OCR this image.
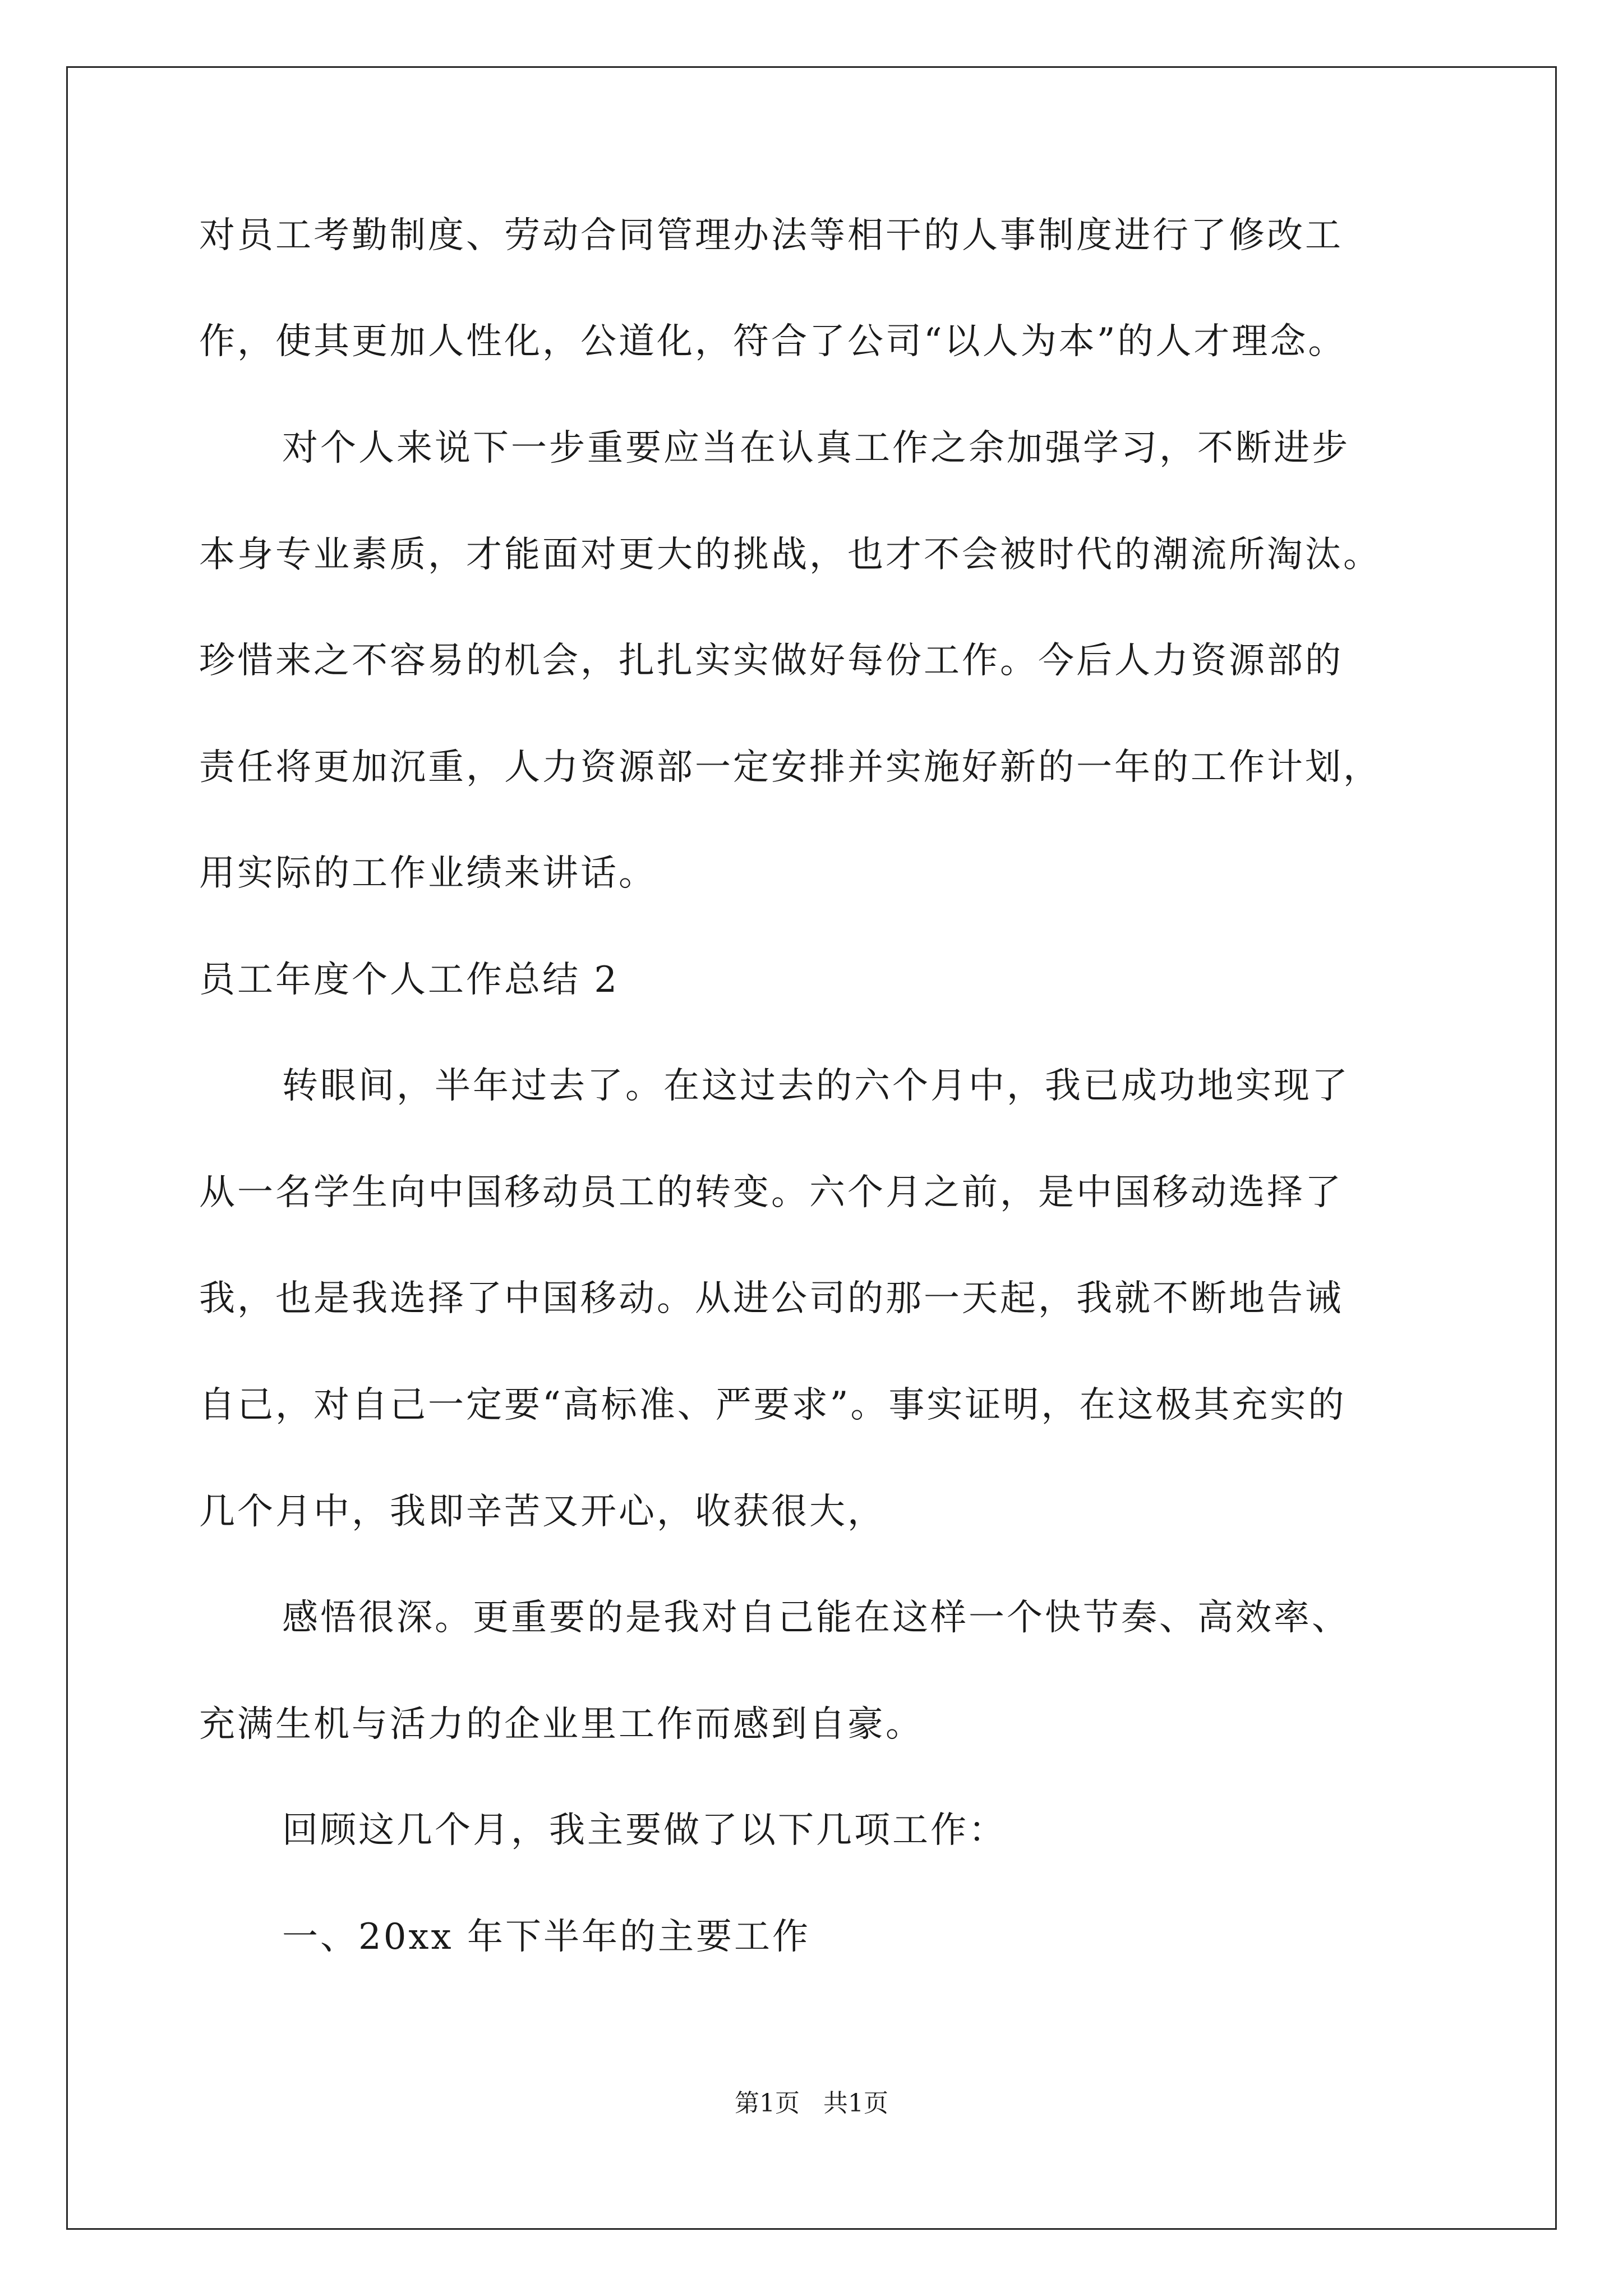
对员工考勤制度、劳动合同管理办法等相干的人事制度进行了修改工
作，使其更加人性化，公道化，符合了公司“以人为本”的人才理念。
对个人来说下一步重要应当在认真工作之余加强学习，不断进步
本身专业素质，才能面对更大的挑战，也才不会被时代的潮流所淘汰。
珍惜来之不容易的机会，扎扎实实做好每份工作。今后人力资源部的
责任将更加沉重，人力资源部一定安排并实施好新的一年的工作计划，
用实际的工作业绩来讲话。
员工年度个人工作总结 2
转眼间，半年过去了。在这过去的六个月中，我已成功地实现了
从一名学生向中国移动员工的转变。六个月之前，是中国移动选择了
我，也是我选择了中国移动。从进公司的那一天起，我就不断地告诫
自己，对自己一定要“高标准、严要求”。事实证明，在这极其充实的
几个月中，我即辛苦又开心，收获很大，
感悟很深。更重要的是我对自己能在这样一个快节奏、高效率、
充满生机与活力的企业里工作而感到自豪。
回顾这几个月，我主要做了以下几项工作：
一、20xx 年下半年的主要工作
第1页   共1页
